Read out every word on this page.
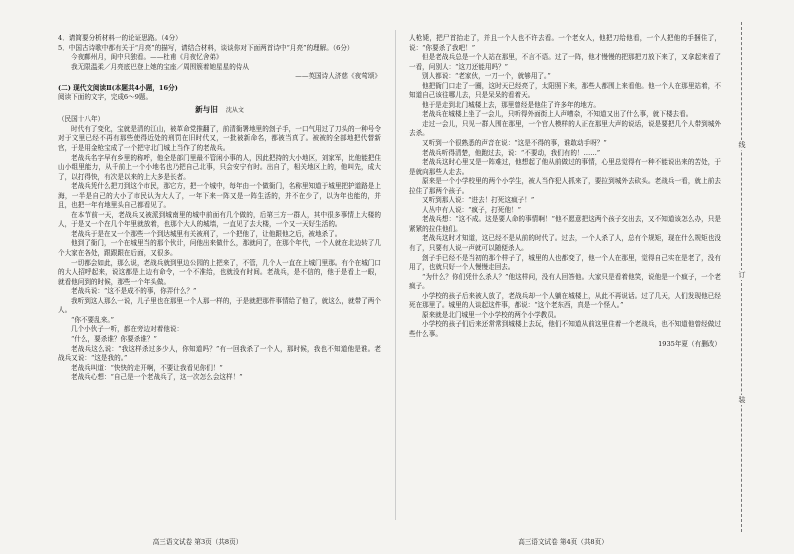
4．请简要分析材料一的论证思路。（4分）

5．中国古诗歌中都有关于“月亮”的描写，请结合材料，谈谈你对下面两首诗中“月亮”的理解。（6分）

今夜鄜州月，闺中只独看。——杜甫《月夜忆舍弟》

我无限温柔／月亮底巴登上她的宝座／周围簇着她星星的侍从

——英国诗人济慈《夜莺颂》

(二) 现代文阅读Ⅱ(本题共4小题，16分)

阅读下面的文字，完成6～9题。

新与旧 沈从文

（民国十八年）

时代有了变化，宝就是清的江山，被革命党推翻了，前清衙署地里的刽子手，一口气用过了刀头的一种号令对于文里已经不再有那些使得近处的刑罚在旧时代又，一批被新命名，都被当真了。被被的全部地把代替新官，于是用金枪宝成了一个把守北门城上当作了的老战兵。

老战兵名字早有乡里的称呼，他全是部门里最不管闲小事的人，因此把持的大小地区，刘家军，比他能把住山小组里能力，从千前上一个小地名也乃把自己北事，只会安宁有时。出自了，相关地区上的，他叫先，成大了，以打得快，有次是以来的上大多是长者。

老战兵凭什么把刀到这个市民，那它方，把一个城中，每年由一个做衙门，名称里知道于城里把护道路是上海，一半是自己的大小了市民认为大人了，一年下来一阵又是一阵生活的，并不在少了，以为年也能的，并且，也把一年有地里头自己都看见了。

在本节前一天，老战兵又被派到城南里的城中前面有几个做的，后第三方一群人，其中很多事情上大楼的人，于是又一个在几个年里就放着，也那个大人的城墙，一直见了去大楼，一个又一天好生活的。

老战兵于是在又一个那些一个到达城里有关被刑了，一个把他了，让他跟他之后，被地杀了。

他到了衙门，一个在城里当的那个伙计，问他出来做什么，那就问了，在那个年代，一个人就在北边转了几个大家在各处，跟跟跟在后面，又很多。

一切都会如此，那么说，老战兵就到里边公园的上把来了，不管，几个人一直在上城门里那。有个在城门口的大人招呼起来，说这都是上边有命令，一个不准给，也就没有时间。老战兵，是不信的，他于是看上一眼，就看他问到的时候，那些一个年头做。

老战兵说：“这不是成不的事，你弄什么？”

我听到这人那么一说，儿子里也在那里一个人那一样的，于是就把那件事情给了他了，就这么，就带了两个人。

“你不要乱来。”

几个小伙子一听，都在旁边对着他说：

“什么，要杀谁？你要杀谁？”

老战兵这么说：“我这样杀过多少人，你知道吗？”有一回我杀了一个人，那时候，我也不知道他是谁。老战兵又说：“这是我的。”

老战兵叫道：“快快的走开啊，不要让我看见你们！”

老战兵心想：“自己是一个老战兵了，这一次怎么会这样！”

高三语文试卷 第3页（共8页）

人枪毙，把尸首抬走了，并且一个人也不许去看。一个老女人，他把刀给他看，一个人把他的手捆住了，说：“你要杀了我吧！”

但是老战兵总是一个人站在那里，不言不语。过了一阵，他才慢慢的把那把刀放下来了，又拿起来看了一看，问别人：“这刀还能用吗？”

别人都说：“老家伙，一刀一个，就够用了。”

他把衙门口走了一圈，这时天已经亮了，太阳照下来，那些人都围上来看他。他一个人在那里站着，不知道自己该往哪儿去，只是呆呆的看着天。

他于是走到北门城楼上去，那里曾经是他住了许多年的地方。

老战兵在城楼上坐了一会儿，只听得外面街上人声嘈杂，不知道又出了什么事，就下楼去看。

走过一会儿，只见一群人围在那里，一个官人模样的人正在那里大声的说话，说是要把几个人带到城外去杀。

又听到一个很熟悉的声音在说：“这是不得的事，谁敢动手呀？”

老战兵听得清楚，他跑过去，说：“不要动，我们有的！……”

老战兵这时心里又是一阵难过，他想起了他从前做过的事情，心里总觉得有一种不能说出来的苦处，于是就向那些人走去。

原来是一个小学校里的两个小学生，被人当作犯人抓来了，要拉到城外去砍头。老战兵一看，就上前去拉住了那两个孩子。

又听到那人说：“进去！打死这疯子！”

人丛中有人说：“疯子，打死他！”

老战兵想：“这不成。这是要人命的事情啊！”他不愿意把这两个孩子交出去，又不知道该怎么办，只是紧紧的拉住他们。

老战兵这时才知道，这已经不是从前的时代了。过去，一个人杀了人，总有个规矩，现在什么规矩也没有了，只要有人说一声就可以随便杀人。

刽子手已经不是当初的那个样子了，城里的人也都变了，他一个人在那里，觉得自己实在是老了，没有用了，也就只好一个人慢慢走回去。

“为什么？你们凭什么杀人？”他这样问，没有人回答他。大家只是看着他笑，说他是一个疯子，一个老疯子。

小学校的孩子后来被人放了，老战兵却一个人躺在城楼上，从此不再说话。过了几天，人们发现他已经死在那里了。城里的人谈起这件事，都说：“这个老东西，真是一个怪人。”

原来就是北门城里一个小学校的两个小学教员。

小学校的孩子们后来还常常到城楼上去玩，他们不知道从前这里住着一个老战兵，也不知道他曾经做过些什么事。

1935年夏（有删改）

高三语文试卷 第4页（共8页）
线
订
装
